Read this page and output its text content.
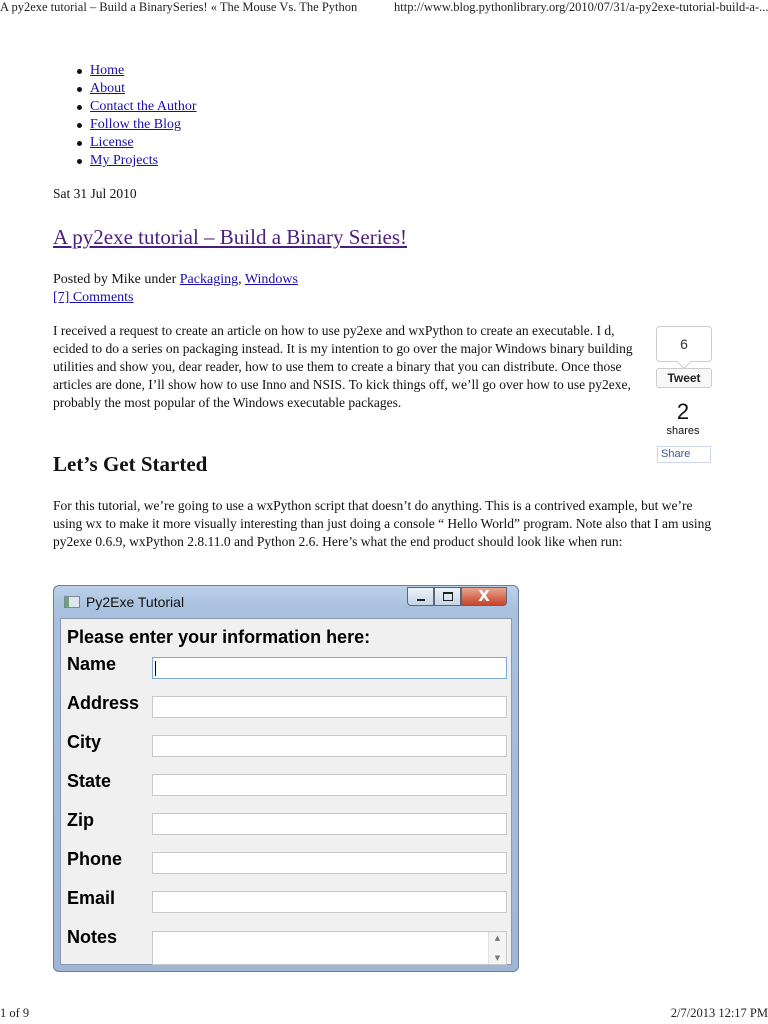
A py2exe tutorial – Build a BinarySeries! « The Mouse Vs. The Python	http://www.blog.pythonlibrary.org/2010/07/31/a-py2exe-tutorial-build-a-...
Home
About
Contact the Author
Follow the Blog
License
My Projects
Sat 31 Jul 2010
A py2exe tutorial – Build a Binary Series!
Posted by Mike under Packaging, Windows
[7] Comments

I received a request to create an article on how to use py2exe and wxPython to create an executable. I d, ecided to do a series on packaging instead. It is my intention to go over the major Windows binary building utilities and show you, dear reader, how to use them to create a binary that you can distribute. Once those articles are done, I’ll show how to use Inno and NSIS. To kick things off, we’ll go over how to use py2exe, probably the most popular of the Windows executable packages.

6
Tweet
2
shares
Share
Let’s Get Started

For this tutorial, we’re going to use a wxPython script that doesn’t do anything. This is a contrived example, but we’re using wx to make it more visually interesting than just doing a console “ Hello World” program. Note also that I am using py2exe 0.6.9, wxPython 2.8.11.0 and Python 2.6. Here’s what the end product should look like when run:

Py2Exe Tutorial	X
Please enter your information here:
Name
Address
City
State
Zip
Phone
Email
Notes	▲
▼
1 of 9	2/7/2013 12:17 PM
